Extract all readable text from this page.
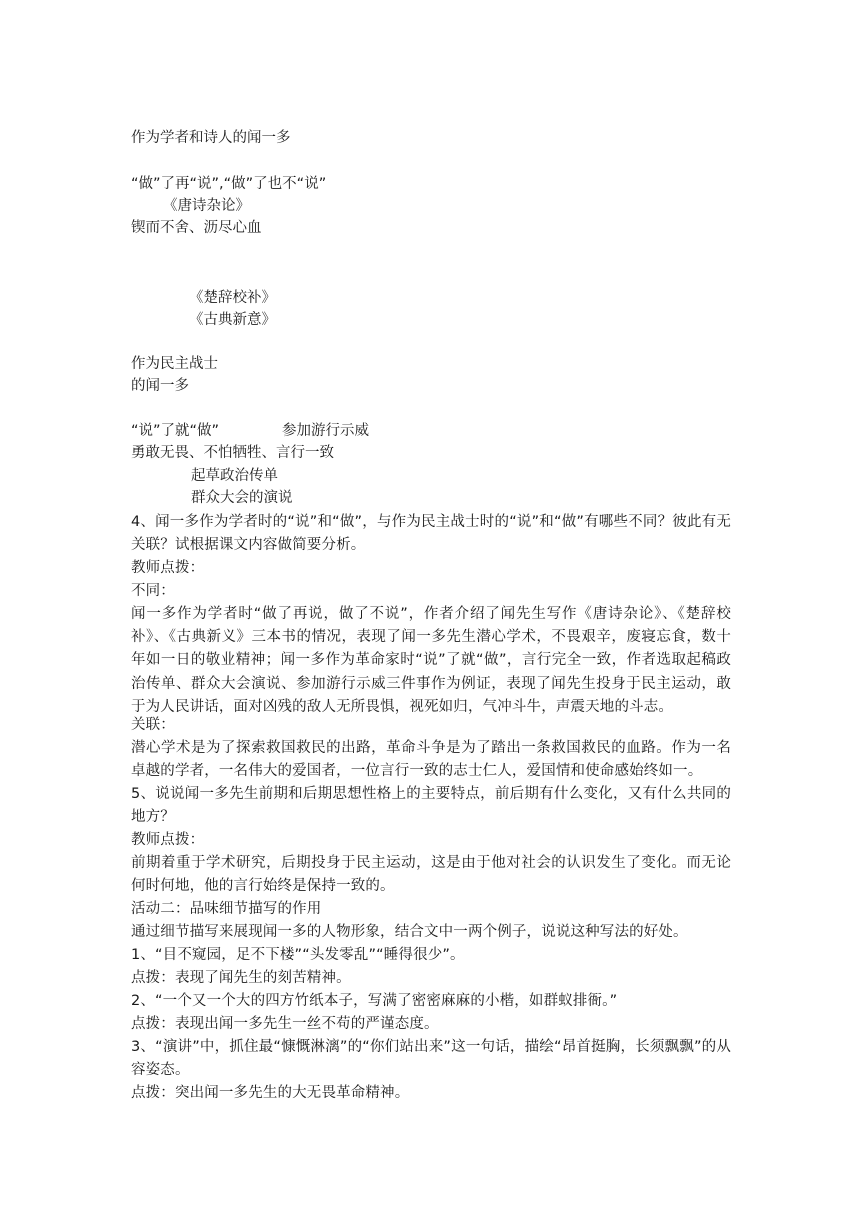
作为学者和诗人的闻一多
“做”了再“说”,“做”了也不“说”
《唐诗杂论》
锲而不舍、沥尽心血
《楚辞校补》
《古典新意》
作为民主战士
的闻一多
“说”了就“做”	参加游行示威
勇敢无畏、不怕牺牲、言行一致
起草政治传单
群众大会的演说
4、闻一多作为学者时的“说”和“做”，与作为民主战士时的“说”和“做”有哪些不同？彼此有无关联？试根据课文内容做简要分析。
教师点拨：
不同：
闻一多作为学者时“做了再说，做了不说”，作者介绍了闻先生写作《唐诗杂论》、《楚辞校补》、《古典新义》三本书的情况，表现了闻一多先生潜心学术，不畏艰辛，废寝忘食，数十年如一日的敬业精神；闻一多作为革命家时“说”了就“做”，言行完全一致，作者选取起稿政治传单、群众大会演说、参加游行示威三件事作为例证，表现了闻先生投身于民主运动，敢于为人民讲话，面对凶残的敌人无所畏惧，视死如归，气冲斗牛，声震天地的斗志。
关联：
潜心学术是为了探索救国救民的出路，革命斗争是为了踏出一条救国救民的血路。作为一名卓越的学者，一名伟大的爱国者，一位言行一致的志士仁人，爱国情和使命感始终如一。
5、说说闻一多先生前期和后期思想性格上的主要特点，前后期有什么变化，又有什么共同的地方？
教师点拨：
前期着重于学术研究，后期投身于民主运动，这是由于他对社会的认识发生了变化。而无论何时何地，他的言行始终是保持一致的。
活动二：品味细节描写的作用
通过细节描写来展现闻一多的人物形象，结合文中一两个例子，说说这种写法的好处。
1、“目不窥园，足不下楼”“头发零乱”“睡得很少”。
点拨：表现了闻先生的刻苦精神。
2、“一个又一个大的四方竹纸本子，写满了密密麻麻的小楷，如群蚁排衙。”
点拨：表现出闻一多先生一丝不苟的严谨态度。
3、“演讲”中，抓住最“慷慨淋漓”的“你们站出来”这一句话，描绘“昂首挺胸，长须飘飘”的从容姿态。
点拨：突出闻一多先生的大无畏革命精神。
